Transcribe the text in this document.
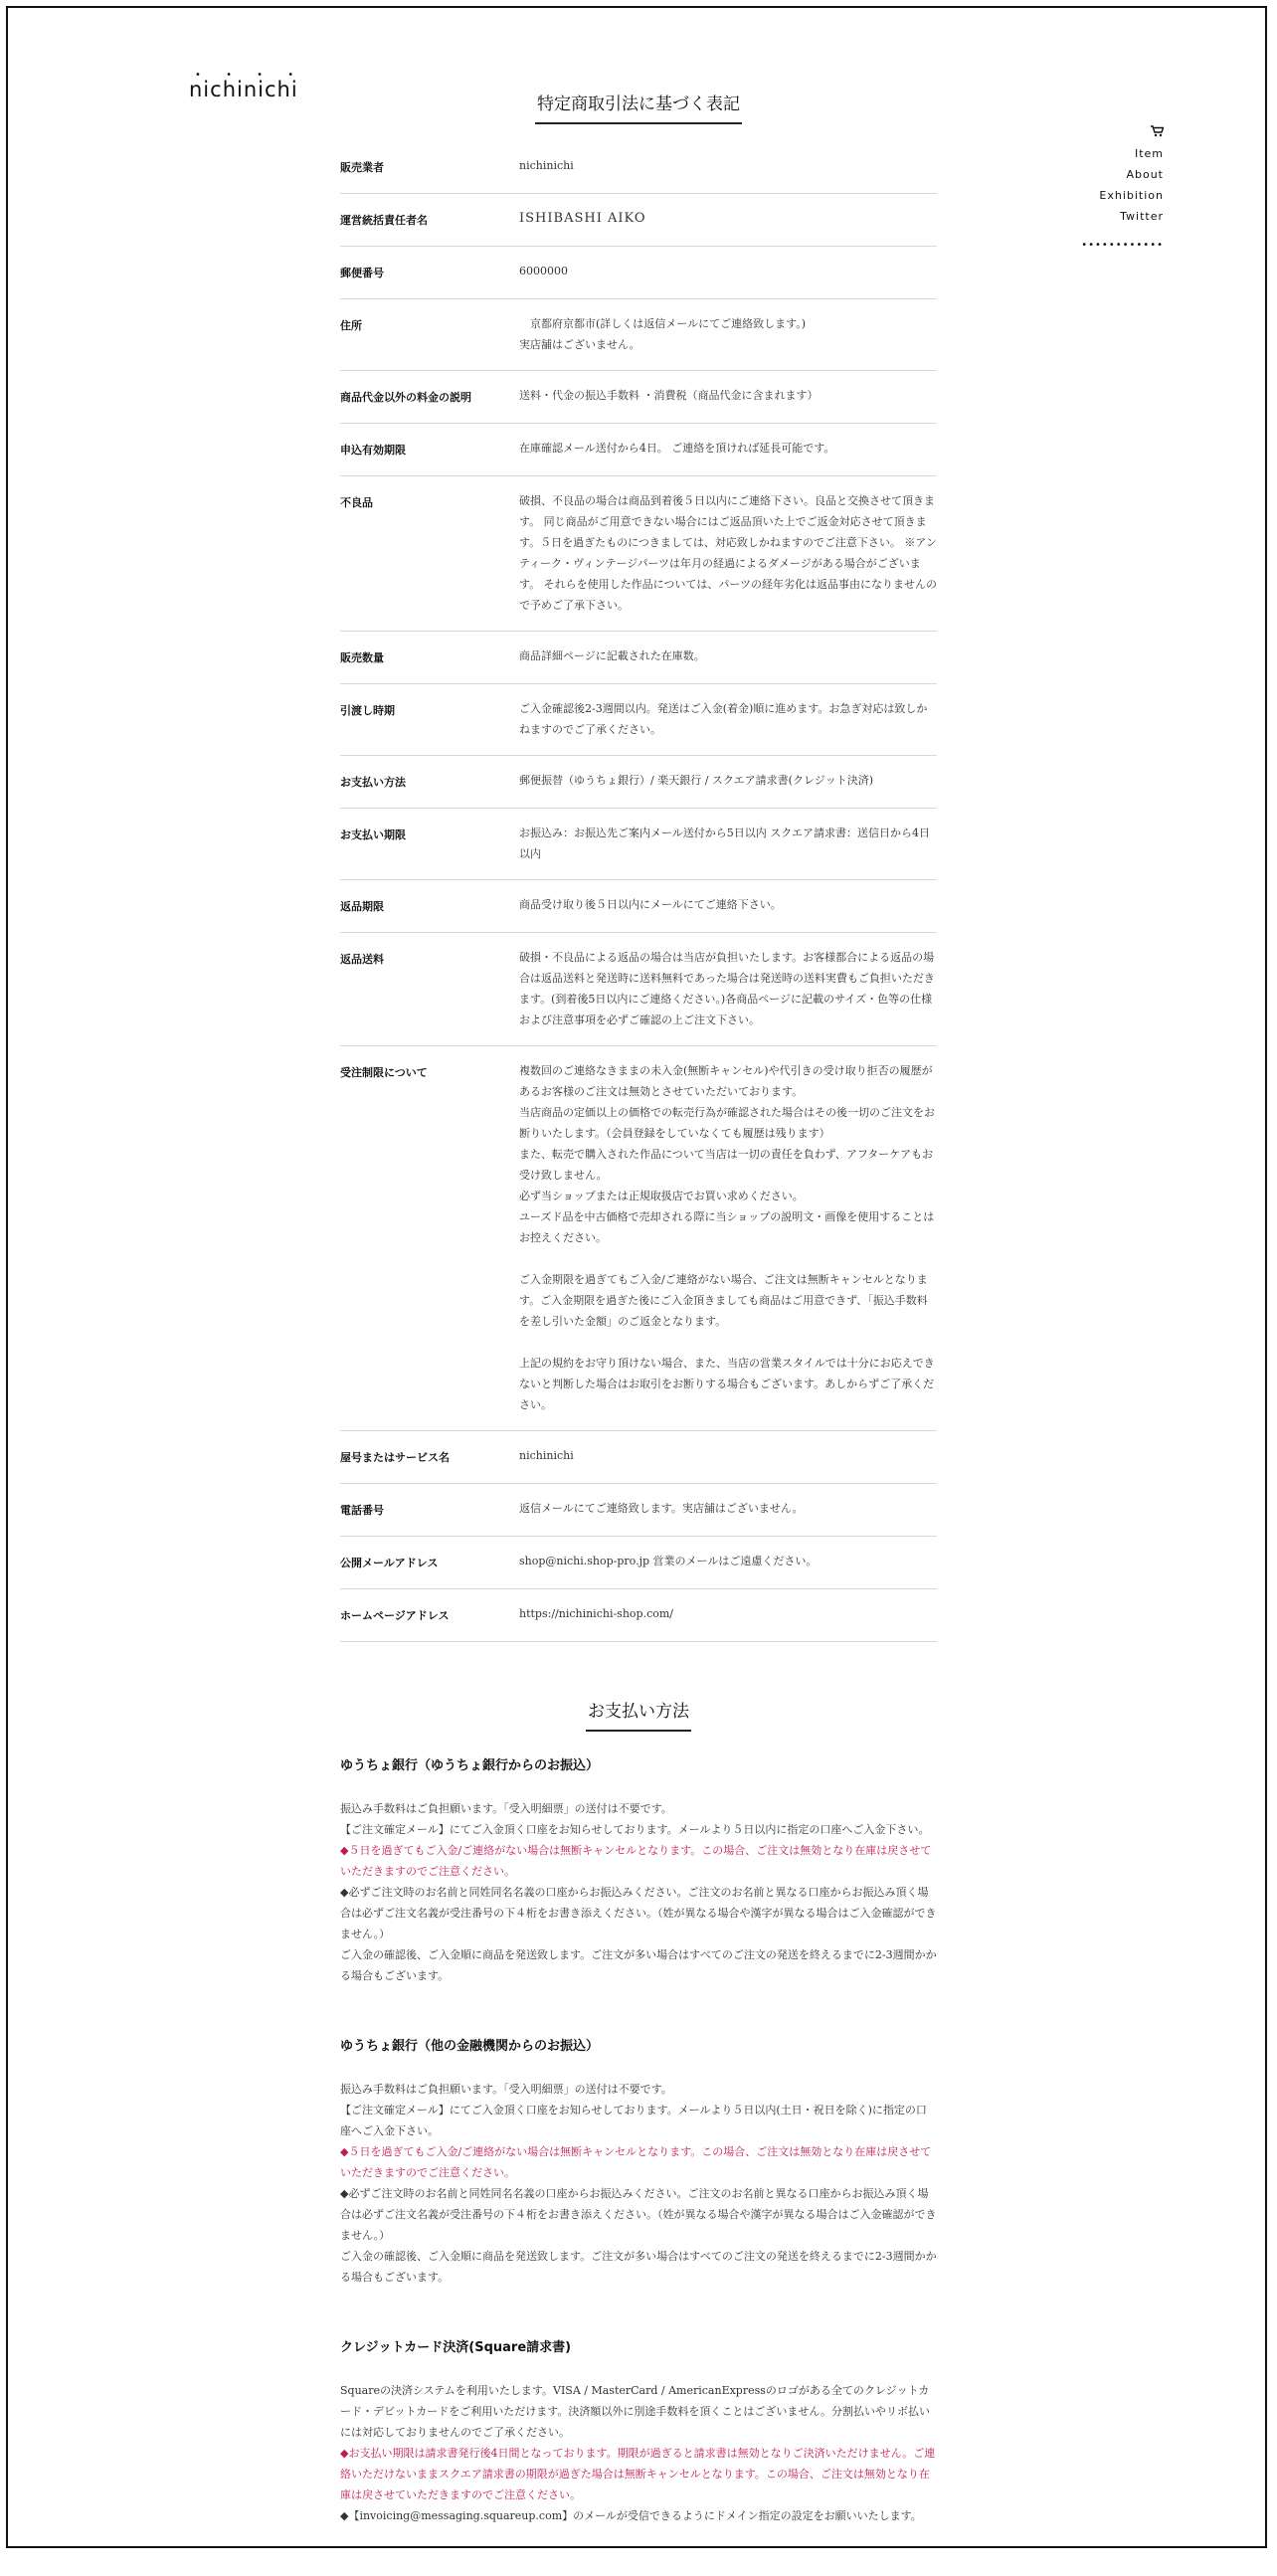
• • • •
nichinichi
Item
About
Exhibition
Twitter
••••••••••••
特定商取引法に基づく表記
販売業者	nichinichi
運営統括責任者名	ISHIBASHI AIKO
郵便番号	6000000
住所	　京都府京都市(詳しくは返信メールにてご連絡致します。)
実店舗はございません。
商品代金以外の料金の説明	送料・代金の振込手数料 ・消費税（商品代金に含まれます）
申込有効期限	在庫確認メール送付から4日。 ご連絡を頂ければ延長可能です。
不良品	破損、不良品の場合は商品到着後５日以内にご連絡下さい。良品と交換させて頂きます。 同じ商品がご用意できない場合にはご返品頂いた上でご返金対応させて頂きます。５日を過ぎたものにつきましては、対応致しかねますのでご注意下さい。 ※アンティーク・ヴィンテージパーツは年月の経過によるダメージがある場合がございます。 それらを使用した作品については、パーツの経年劣化は返品事由になりませんので予めご了承下さい。
販売数量	商品詳細ページに記載された在庫数。
引渡し時期	ご入金確認後2-3週間以内。発送はご入金(着金)順に進めます。お急ぎ対応は致しかねますのでご了承ください。
お支払い方法	郵便振替（ゆうちょ銀行）/ 楽天銀行 / スクエア請求書(クレジット決済)
お支払い期限	お振込み：お振込先ご案内メール送付から5日以内 スクエア請求書：送信日から4日以内
返品期限	商品受け取り後５日以内にメールにてご連絡下さい。
返品送料	破損・不良品による返品の場合は当店が負担いたします。お客様都合による返品の場合は返品送料と発送時に送料無料であった場合は発送時の送料実費もご負担いただきます。(到着後5日以内にご連絡ください。)各商品ページに記載のサイズ・色等の仕様および注意事項を必ずご確認の上ご注文下さい。
受注制限について	複数回のご連絡なきままの未入金(無断キャンセル)や代引きの受け取り拒否の履歴があるお客様のご注文は無効とさせていただいております。
当店商品の定価以上の価格での転売行為が確認された場合はその後一切のご注文をお断りいたします。（会員登録をしていなくても履歴は残ります）
また、転売で購入された作品について当店は一切の責任を負わず、アフターケアもお受け致しません。
必ず当ショップまたは正規取扱店でお買い求めください。
ユーズド品を中古価格で売却される際に当ショップの説明文・画像を使用することはお控えください。

ご入金期限を過ぎてもご入金/ご連絡がない場合、ご注文は無断キャンセルとなります。ご入金期限を過ぎた後にご入金頂きましても商品はご用意できず、「振込手数料を差し引いた金額」のご返金となります。

上記の規約をお守り頂けない場合、また、当店の営業スタイルでは十分にお応えできないと判断した場合はお取引をお断りする場合もございます。あしからずご了承ください。
屋号またはサービス名	nichinichi
電話番号	返信メールにてご連絡致します。実店舗はございません。
公開メールアドレス	shop@nichi.shop-pro.jp 営業のメールはご遠慮ください。
ホームページアドレス	https://nichinichi-shop.com/
お支払い方法
ゆうちょ銀行（ゆうちょ銀行からのお振込）

振込み手数料はご負担願います。「受入明細票」の送付は不要です。

【ご注文確定メール】にてご入金頂く口座をお知らせしております。メールより５日以内に指定の口座へご入金下さい。

◆５日を過ぎてもご入金/ご連絡がない場合は無断キャンセルとなります。この場合、ご注文は無効となり在庫は戻させていただきますのでご注意ください。

◆必ずご注文時のお名前と同姓同名名義の口座からお振込みください。ご注文のお名前と異なる口座からお振込み頂く場合は必ずご注文名義が受注番号の下４桁をお書き添えください。（姓が異なる場合や漢字が異なる場合はご入金確認ができません。）

ご入金の確認後、ご入金順に商品を発送致します。ご注文が多い場合はすべてのご注文の発送を終えるまでに2-3週間かかる場合もございます。

ゆうちょ銀行（他の金融機関からのお振込）

振込み手数料はご負担願います。「受入明細票」の送付は不要です。

【ご注文確定メール】にてご入金頂く口座をお知らせしております。メールより５日以内(土日・祝日を除く)に指定の口座へご入金下さい。

◆５日を過ぎてもご入金/ご連絡がない場合は無断キャンセルとなります。この場合、ご注文は無効となり在庫は戻させていただきますのでご注意ください。

◆必ずご注文時のお名前と同姓同名名義の口座からお振込みください。ご注文のお名前と異なる口座からお振込み頂く場合は必ずご注文名義が受注番号の下４桁をお書き添えください。（姓が異なる場合や漢字が異なる場合はご入金確認ができません。）

ご入金の確認後、ご入金順に商品を発送致します。ご注文が多い場合はすべてのご注文の発送を終えるまでに2-3週間かかる場合もございます。

クレジットカード決済(Square請求書)

Squareの決済システムを利用いたします。VISA / MasterCard / AmericanExpressのロゴがある全てのクレジットカード・デビットカードをご利用いただけます。決済額以外に別途手数料を頂くことはございません。分割払いやリボ払いには対応しておりませんのでご了承ください。

◆お支払い期限は請求書発行後4日間となっております。期限が過ぎると請求書は無効となりご決済いただけません。ご連絡いただけないままスクエア請求書の期限が過ぎた場合は無断キャンセルとなります。この場合、ご注文は無効となり在庫は戻させていただきますのでご注意ください。

◆【invoicing@messaging.squareup.com】のメールが受信できるようにドメイン指定の設定をお願いいたします。
